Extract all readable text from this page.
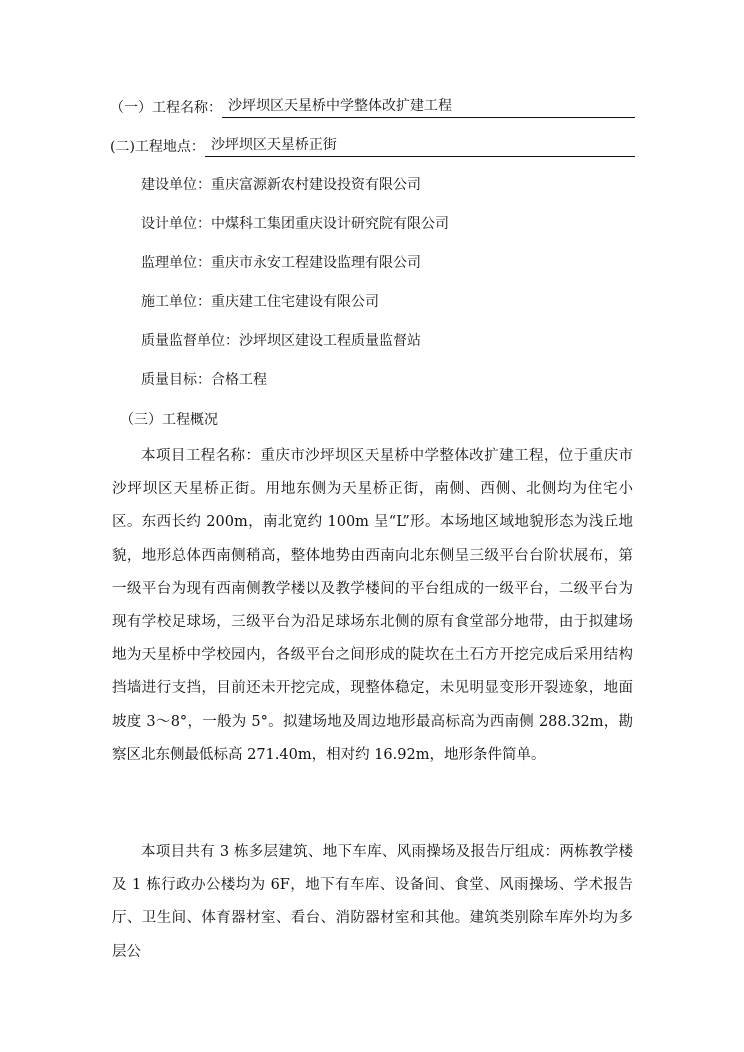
（一）工程名称： 沙坪坝区天星桥中学整体改扩建工程
(二)工程地点： 沙坪坝区天星桥正街
建设单位：重庆富源新农村建设投资有限公司
设计单位：中煤科工集团重庆设计研究院有限公司
监理单位：重庆市永安工程建设监理有限公司
施工单位：重庆建工住宅建设有限公司
质量监督单位：沙坪坝区建设工程质量监督站
质量目标：合格工程
（三）工程概况
本项目工程名称：重庆市沙坪坝区天星桥中学整体改扩建工程，位于重庆市沙坪坝区天星桥正街。用地东侧为天星桥正街，南侧、西侧、北侧均为住宅小区。东西长约 200m，南北宽约 100m 呈“L”形。本场地区域地貌形态为浅丘地貌，地形总体西南侧稍高，整体地势由西南向北东侧呈三级平台台阶状展布，第一级平台为现有西南侧教学楼以及教学楼间的平台组成的一级平台，二级平台为现有学校足球场，三级平台为沿足球场东北侧的原有食堂部分地带，由于拟建场地为天星桥中学校园内，各级平台之间形成的陡坎在土石方开挖完成后采用结构挡墙进行支挡，目前还未开挖完成，现整体稳定，未见明显变形开裂迹象，地面坡度 3～8°，一般为 5°。拟建场地及周边地形最高标高为西南侧 288.32m，勘察区北东侧最低标高 271.40m，相对约 16.92m，地形条件简单。
本项目共有 3 栋多层建筑、地下车库、风雨操场及报告厅组成：两栋教学楼及 1 栋行政办公楼均为 6F，地下有车库、设备间、食堂、风雨操场、学术报告厅、卫生间、体育器材室、看台、消防器材室和其他。建筑类别除车库外均为多层公
